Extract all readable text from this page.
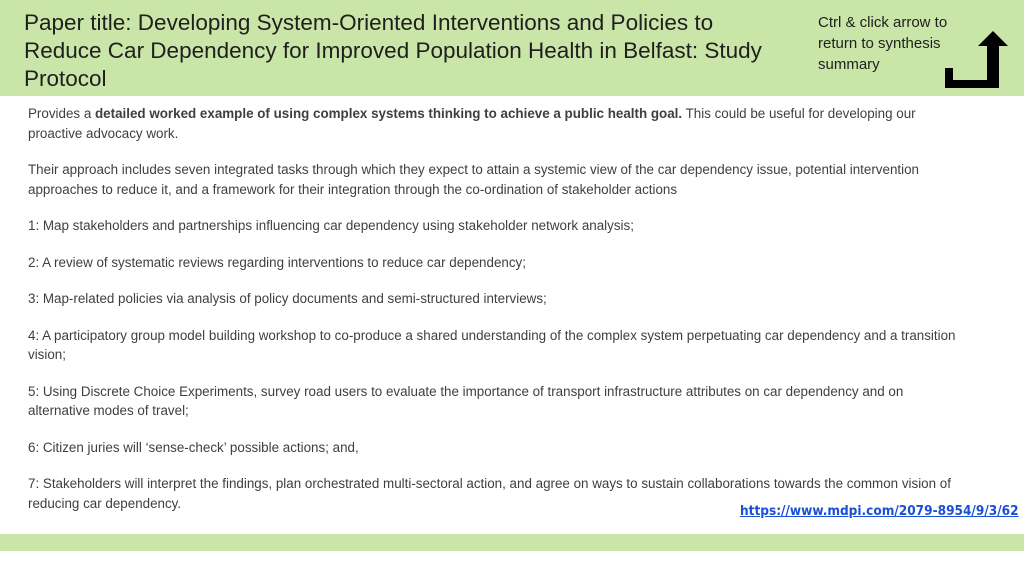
Paper title: Developing System-Oriented Interventions and Policies to Reduce Car Dependency for Improved Population Health in Belfast: Study Protocol
Ctrl & click arrow to return to synthesis summary

Provides a detailed worked example of using complex systems thinking to achieve a public health goal. This could be useful for developing our proactive advocacy work.

Their approach includes seven integrated tasks through which they expect to attain a systemic view of the car dependency issue, potential intervention approaches to reduce it, and a framework for their integration through the co-ordination of stakeholder actions

1: Map stakeholders and partnerships influencing car dependency using stakeholder network analysis;

2: A review of systematic reviews regarding interventions to reduce car dependency;

3: Map-related policies via analysis of policy documents and semi-structured interviews;

4: A participatory group model building workshop to co-produce a shared understanding of the complex system perpetuating car dependency and a transition vision;

5: Using Discrete Choice Experiments, survey road users to evaluate the importance of transport infrastructure attributes on car dependency and on alternative modes of travel;

6: Citizen juries will ‘sense-check’ possible actions; and,

7: Stakeholders will interpret the findings, plan orchestrated multi-sectoral action, and agree on ways to sustain collaborations towards the common vision of reducing car dependency.	https://www.mdpi.com/2079-8954/9/3/62
